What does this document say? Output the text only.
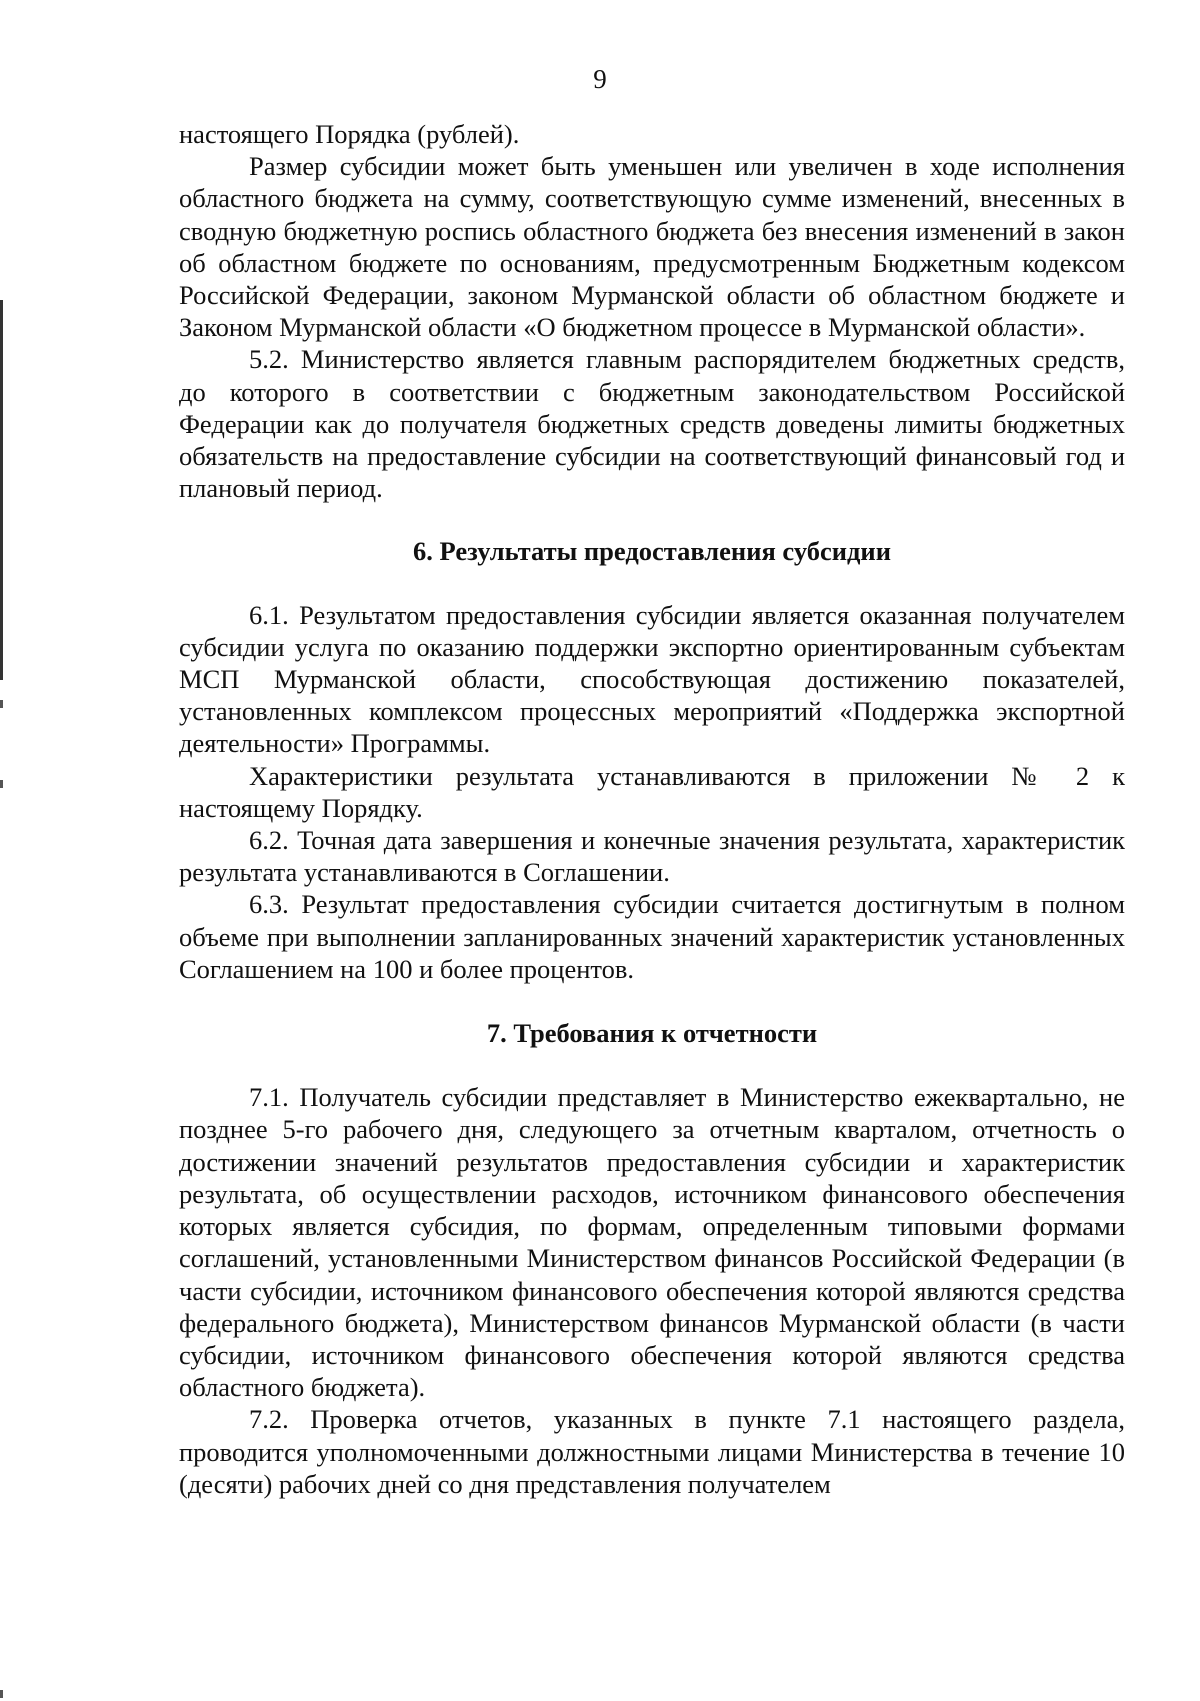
9

настоящего Порядка (рублей).

Размер субсидии может быть уменьшен или увеличен в ходе исполнения областного бюджета на сумму, соответствующую сумме изменений, внесенных в сводную бюджетную роспись областного бюджета без внесения изменений в закон об областном бюджете по основаниям, предусмотренным Бюджетным кодексом Российской Федерации, законом Мурманской области об областном бюджете и Законом Мурманской области «О бюджетном процессе в Мурманской области».

5.2. Министерство является главным распорядителем бюджетных средств, до которого в соответствии с бюджетным законодательством Российской Федерации как до получателя бюджетных средств доведены лимиты бюджетных обязательств на предоставление субсидии на соответствующий финансовый год и плановый период.

6. Результаты предоставления субсидии

6.1. Результатом предоставления субсидии является оказанная получателем субсидии услуга по оказанию поддержки экспортно ориентированным субъектам МСП Мурманской области, способствующая достижению показателей, установленных комплексом процессных мероприятий «Поддержка экспортной деятельности» Программы.

Характеристики результата устанавливаются в приложении № 2 к настоящему Порядку.

6.2. Точная дата завершения и конечные значения результата, характеристик результата устанавливаются в Соглашении.

6.3. Результат предоставления субсидии считается достигнутым в полном объеме при выполнении запланированных значений характеристик установленных Соглашением на 100 и более процентов.

7. Требования к отчетности

7.1. Получатель субсидии представляет в Министерство ежеквартально, не позднее 5-го рабочего дня, следующего за отчетным кварталом, отчетность о достижении значений результатов предоставления субсидии и характеристик результата, об осуществлении расходов, источником финансового обеспечения которых является субсидия, по формам, определенным типовыми формами соглашений, установленными Министерством финансов Российской Федерации (в части субсидии, источником финансового обеспечения которой являются средства федерального бюджета), Министерством финансов Мурманской области (в части субсидии, источником финансового обеспечения которой являются средства областного бюджета).

7.2. Проверка отчетов, указанных в пункте 7.1 настоящего раздела, проводится уполномоченными должностными лицами Министерства в течение 10 (десяти) рабочих дней со дня представления получателем
